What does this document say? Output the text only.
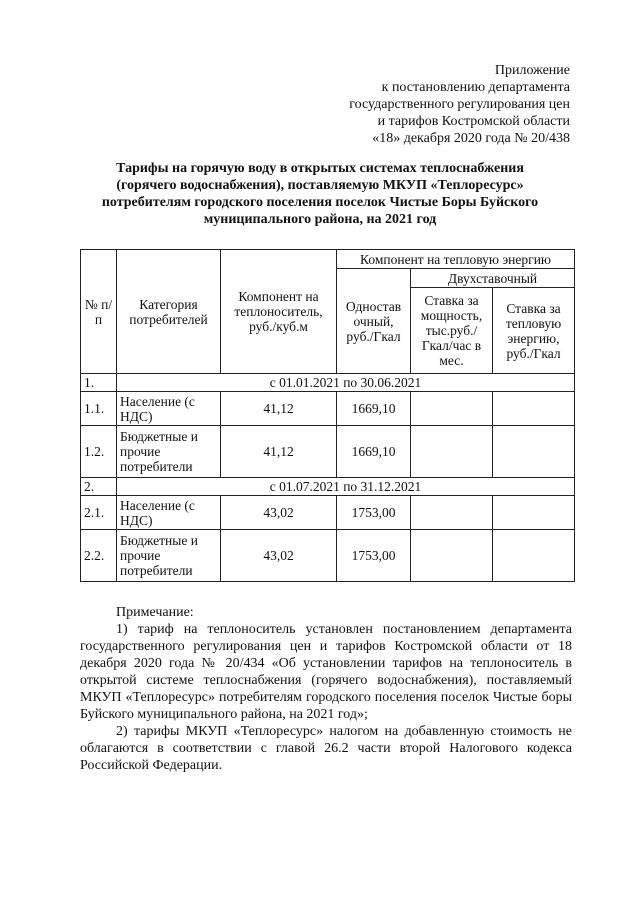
Приложение
к постановлению департамента
государственного регулирования цен
и тарифов Костромской области
«18» декабря 2020 года № 20/438
Тарифы на горячую воду в открытых системах теплоснабжения
(горячего водоснабжения), поставляемую МКУП «Теплоресурс»
потребителям городского поселения поселок Чистые Боры Буйского
муниципального района, на 2021 год
№ п/п	Категория потребителей	Компонент на теплоноситель, руб./куб.м	Компонент на тепловую энергию		
			Одностав очный, руб./Гкал	Двухставочный	
				Ставка за мощность, тыс.руб./ Гкал/час в мес.	Ставка за тепловую энергию, руб./Гкал
1.	с 01.01.2021 по 30.06.2021				
1.1.	Население (с НДС)	41,12	1669,10		
1.2.	Бюджетные и прочие потребители	41,12	1669,10		
2.	с 01.07.2021 по 31.12.2021				
2.1.	Население (с НДС)	43,02	1753,00		
2.2.	Бюджетные и прочие потребители	43,02	1753,00		

Примечание:

1) тариф на теплоноситель установлен постановлением департамента государственного регулирования цен и тарифов Костромской области от 18 декабря 2020 года № 20/434 «Об установлении тарифов на теплоноситель в открытой системе теплоснабжения (горячего водоснабжения), поставляемый МКУП «Теплоресурс» потребителям городского поселения поселок Чистые боры Буйского муниципального района, на 2021 год»;

2) тарифы МКУП «Теплоресурс» налогом на добавленную стоимость не облагаются в соответствии с главой 26.2 части второй Налогового кодекса Российской Федерации.
